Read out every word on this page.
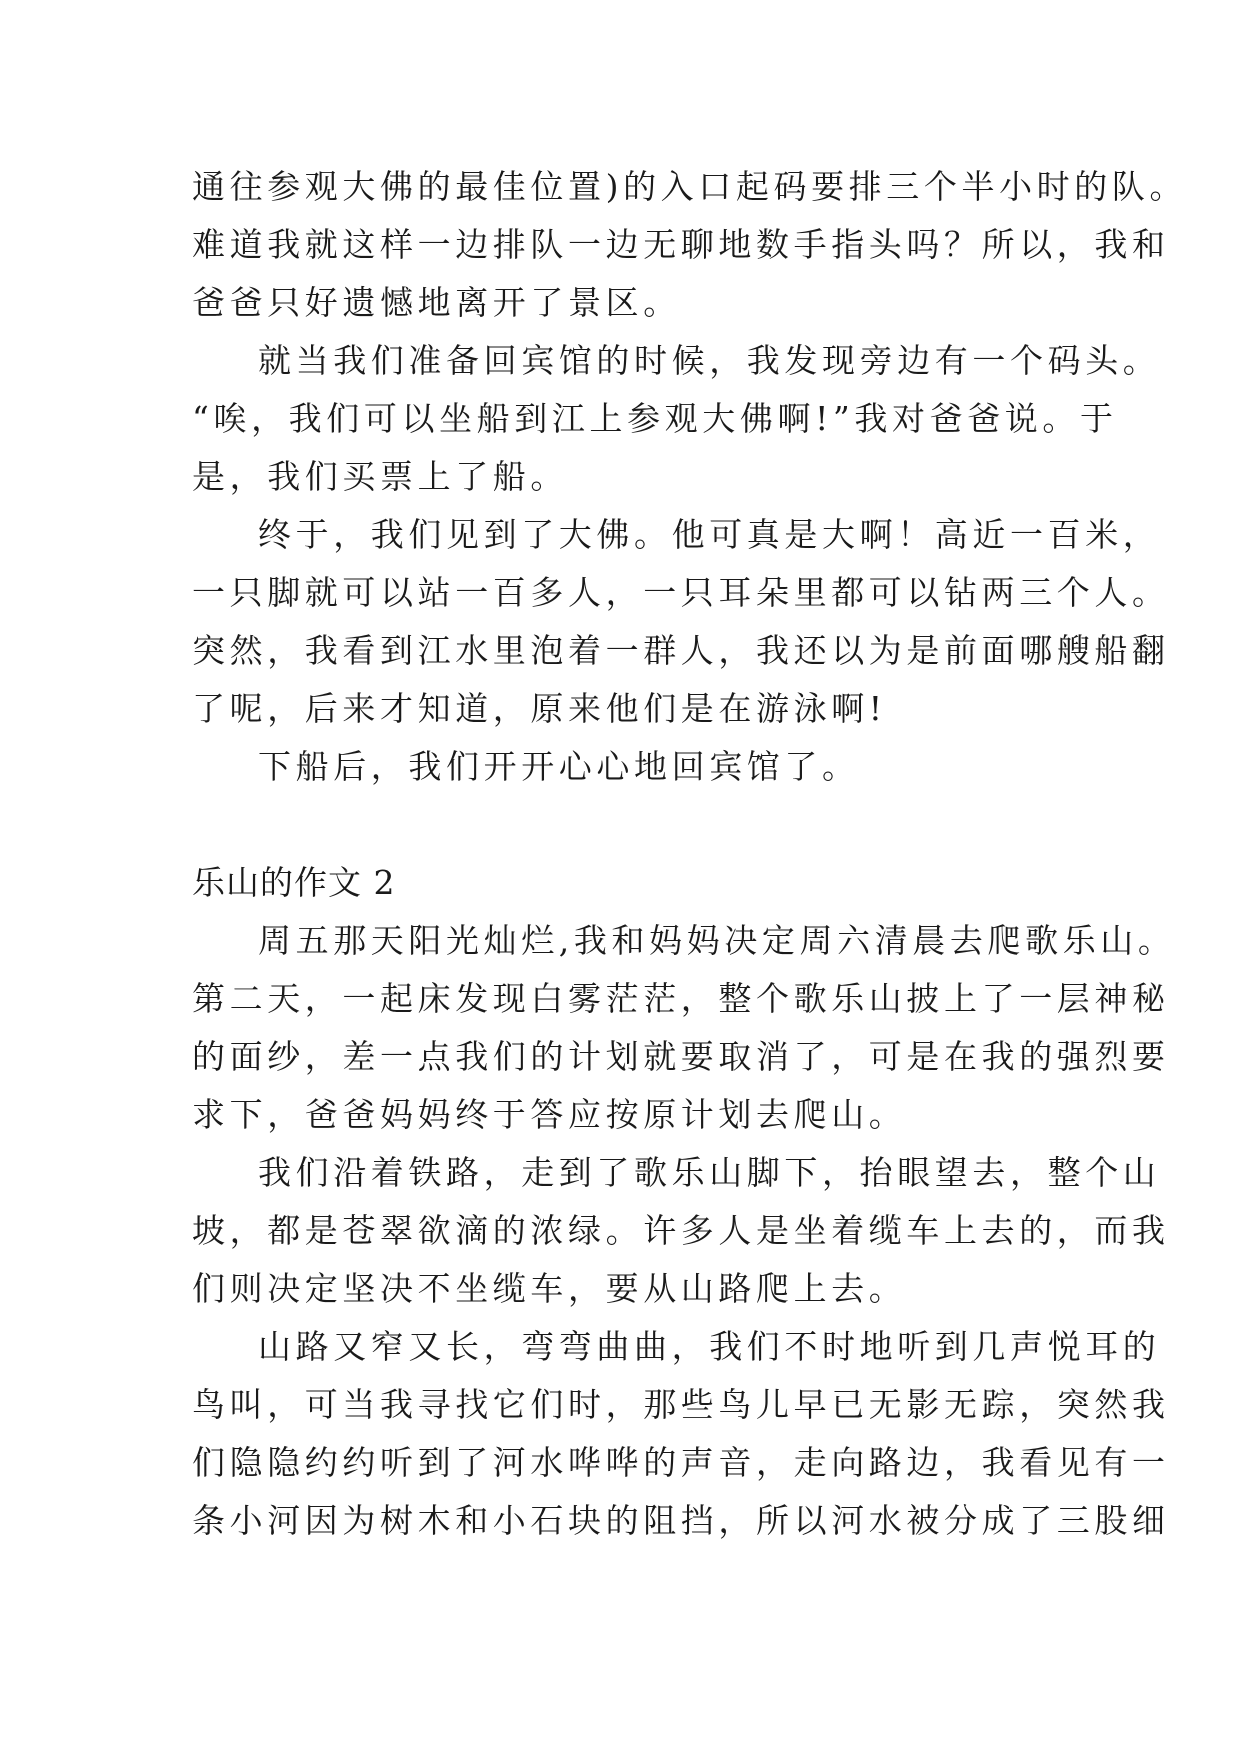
通往参观大佛的最佳位置)的入口起码要排三个半小时的队。
难道我就这样一边排队一边无聊地数手指头吗？所以，我和
爸爸只好遗憾地离开了景区。
就当我们准备回宾馆的时候，我发现旁边有一个码头。
“唉，我们可以坐船到江上参观大佛啊!”我对爸爸说。于
是，我们买票上了船。
终于，我们见到了大佛。他可真是大啊！高近一百米，
一只脚就可以站一百多人，一只耳朵里都可以钻两三个人。
突然，我看到江水里泡着一群人，我还以为是前面哪艘船翻
了呢，后来才知道，原来他们是在游泳啊!
下船后，我们开开心心地回宾馆了。
乐山的作文 2
周五那天阳光灿烂,我和妈妈决定周六清晨去爬歌乐山。
第二天，一起床发现白雾茫茫，整个歌乐山披上了一层神秘
的面纱，差一点我们的计划就要取消了，可是在我的强烈要
求下，爸爸妈妈终于答应按原计划去爬山。
我们沿着铁路，走到了歌乐山脚下，抬眼望去，整个山
坡，都是苍翠欲滴的浓绿。许多人是坐着缆车上去的，而我
们则决定坚决不坐缆车，要从山路爬上去。
山路又窄又长，弯弯曲曲，我们不时地听到几声悦耳的
鸟叫，可当我寻找它们时，那些鸟儿早已无影无踪，突然我
们隐隐约约听到了河水哗哗的声音，走向路边，我看见有一
条小河因为树木和小石块的阻挡，所以河水被分成了三股细
